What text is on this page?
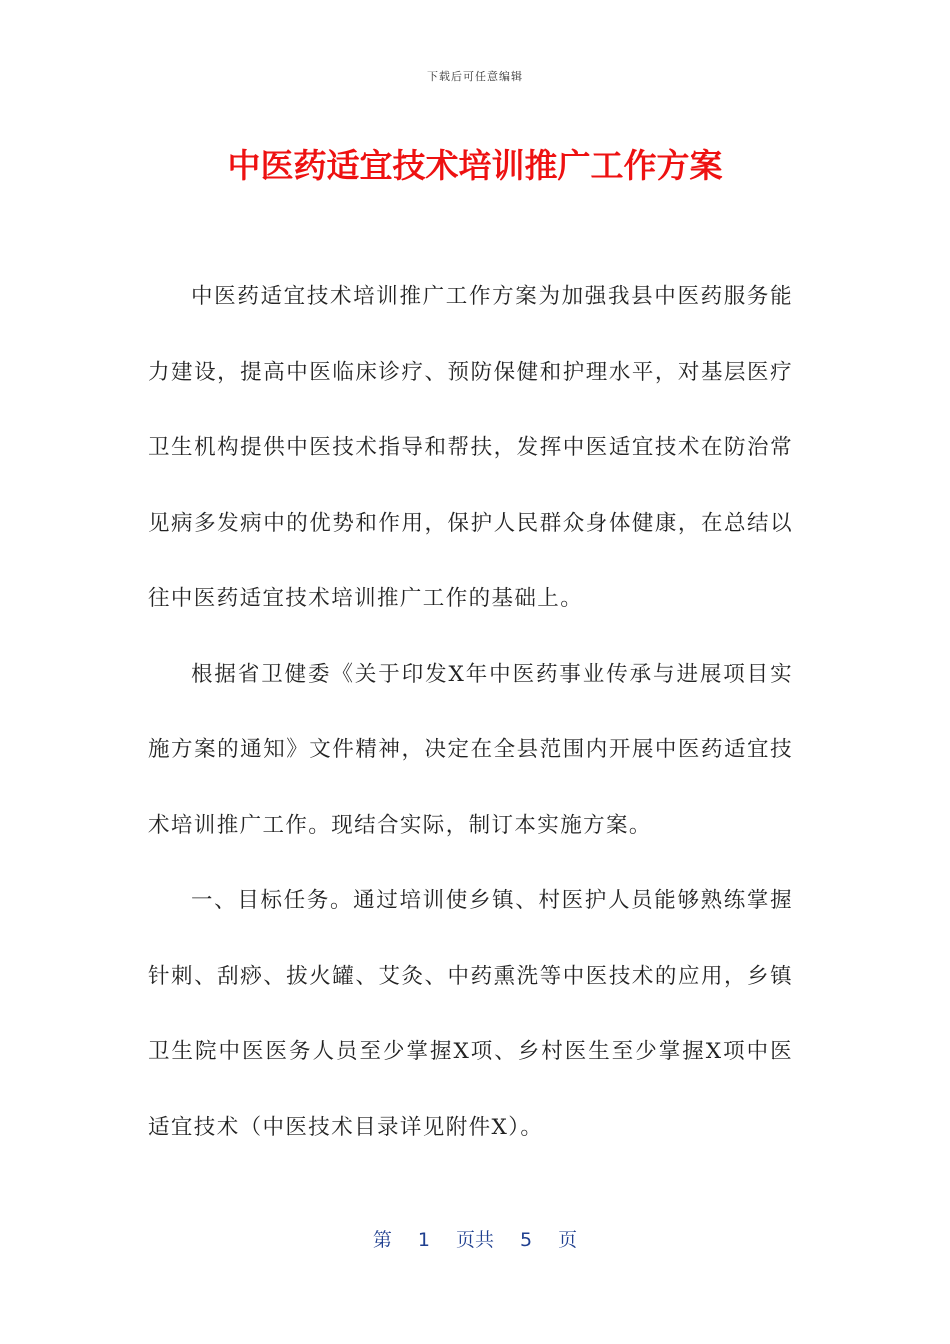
下载后可任意编辑
中医药适宜技术培训推广工作方案

中医药适宜技术培训推广工作方案为加强我县中医药服务能力建设，提高中医临床诊疗、预防保健和护理水平，对基层医疗卫生机构提供中医技术指导和帮扶，发挥中医适宜技术在防治常见病多发病中的优势和作用，保护人民群众身体健康，在总结以往中医药适宜技术培训推广工作的基础上。

根据省卫健委《关于印发X年中医药事业传承与进展项目实施方案的通知》文件精神，决定在全县范围内开展中医药适宜技术培训推广工作。现结合实际，制订本实施方案。

一、目标任务。通过培训使乡镇、村医护人员能够熟练掌握针刺、刮痧、拔火罐、艾灸、中药熏洗等中医技术的应用，乡镇卫生院中医医务人员至少掌握X项、乡村医生至少掌握X项中医适宜技术（中医技术目录详见附件X）。

第 1 页共 5 页
